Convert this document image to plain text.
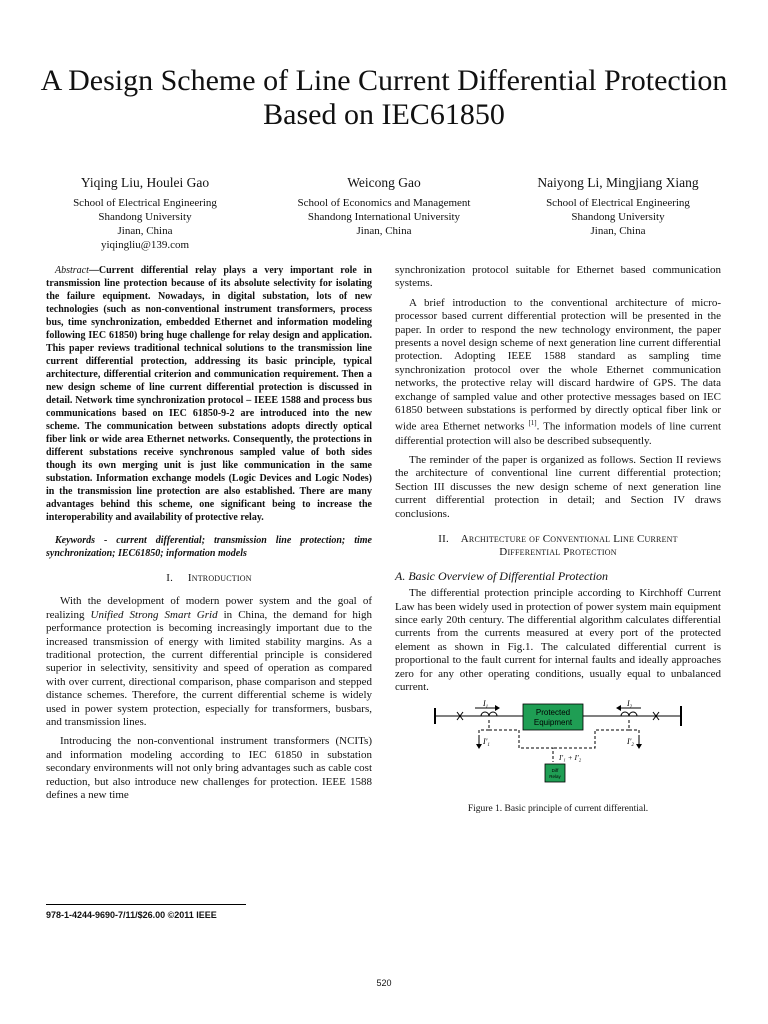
A Design Scheme of Line Current Differential Protection Based on IEC61850
Yiqing Liu, Houlei Gao
School of Electrical Engineering
Shandong University
Jinan, China
yiqingliu@139.com
Weicong Gao
School of Economics and Management
Shandong International University
Jinan, China
Naiyong Li, Mingjiang Xiang
School of Electrical Engineering
Shandong University
Jinan, China

Abstract—Current differential relay plays a very important role in transmission line protection because of its absolute selectivity for isolating the failure equipment. Nowadays, in digital substation, lots of new technologies (such as non-conventional instrument transformers, process bus, time synchronization, embedded Ethernet and information modeling following IEC 61850) bring huge challenge for relay design and application. This paper reviews traditional technical solutions to the transmission line current differential protection, addressing its basic principle, typical architecture, differential criterion and communication requirement. Then a new design scheme of line current differential protection is discussed in detail. Network time synchronization protocol – IEEE 1588 and process bus communications based on IEC 61850-9-2 are introduced into the new scheme. The communication between substations adopts directly optical fiber link or wide area Ethernet networks. Consequently, the protections in different substations receive synchronous sampled value of both sides though its own merging unit is just like communication in the same substation. Information exchange models (Logic Devices and Logic Nodes) in the transmission line protection are also established. There are many advantages behind this scheme, one significant being to increase the interoperability and availability of protective relay.

Keywords - current differential; transmission line protection; time synchronization; IEC61850; information models

I. Introduction

With the development of modern power system and the goal of realizing Unified Strong Smart Grid in China, the demand for high performance protection is becoming increasingly important due to the increased transmission of energy with limited stability margins. As a traditional protection, the current differential principle is considered superior in selectivity, sensitivity and speed of operation as compared with over current, directional comparison, phase comparison and stepped distance schemes. Therefore, the current differential scheme is widely used in power system protection, especially for transformers, busbars, and transmission lines.

Introducing the non-conventional instrument transformers (NCITs) and information modeling according to IEC 61850 in substation secondary environments will not only bring advantages such as cable cost reduction, but also introduce new challenges for protection. IEEE 1588 defines a new time

synchronization protocol suitable for Ethernet based communication systems.

A brief introduction to the conventional architecture of micro-processor based current differential protection will be presented in the paper. In order to respond the new technology environment, the paper presents a novel design scheme of next generation line current differential protection. Adopting IEEE 1588 standard as sampling time synchronization protocol over the whole Ethernet communication networks, the protective relay will discard hardwire of GPS. The data exchange of sampled value and other protective messages based on IEC 61850 between substations is performed by directly optical fiber link or wide area Ethernet networks [1]. The information models of line current differential protection will also be described subsequently.

The reminder of the paper is organized as follows. Section II reviews the architecture of conventional line current differential protection; Section III discusses the new design scheme of next generation line current differential protection in detail; and Section IV draws conclusions.

II. Architecture of Conventional Line Current
Differential Protection

A. Basic Overview of Differential Protection

The differential protection principle according to Kirchhoff Current Law has been widely used in protection of power system main equipment since early 20th century. The differential algorithm calculates differential currents from the currents measured at every port of the protected element as shown in Fig.1. The calculated differential current is proportional to the fault current for internal faults and ideally approaches zero for any other operating conditions, usually equal to unbalanced current.

Protected
Equipment
Diff
Relay
$I_1$	$I_2$
$I'_1$	$I'_2$
I'₁ + I'₂

Figure 1. Basic principle of current differential.

978-1-4244-9690-7/11/$26.00 ©2011 IEEE
520
